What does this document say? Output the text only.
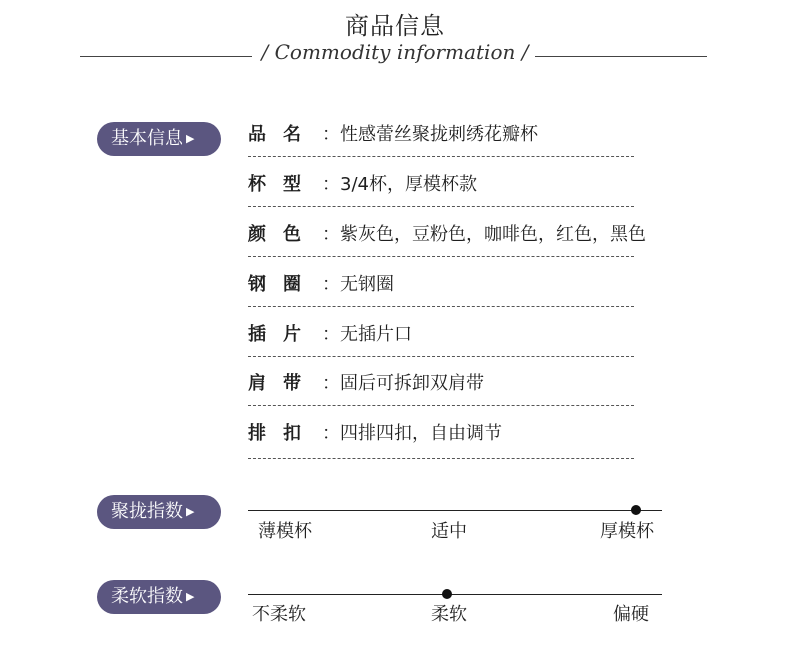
商品信息
/ Commodity information /
基本信息 ▶	品名 ：性感蕾丝聚拢刺绣花瓣杯
杯型 ：3/4杯，厚模杯款
颜色 ：紫灰色，豆粉色，咖啡色，红色，黑色
钢圈 ：无钢圈
插片 ：无插片口
肩带 ：固后可拆卸双肩带
排扣 ：四排四扣，自由调节
聚拢指数 ▶
薄模杯	适中	厚模杯
柔软指数 ▶
不柔软	柔软	偏硬
